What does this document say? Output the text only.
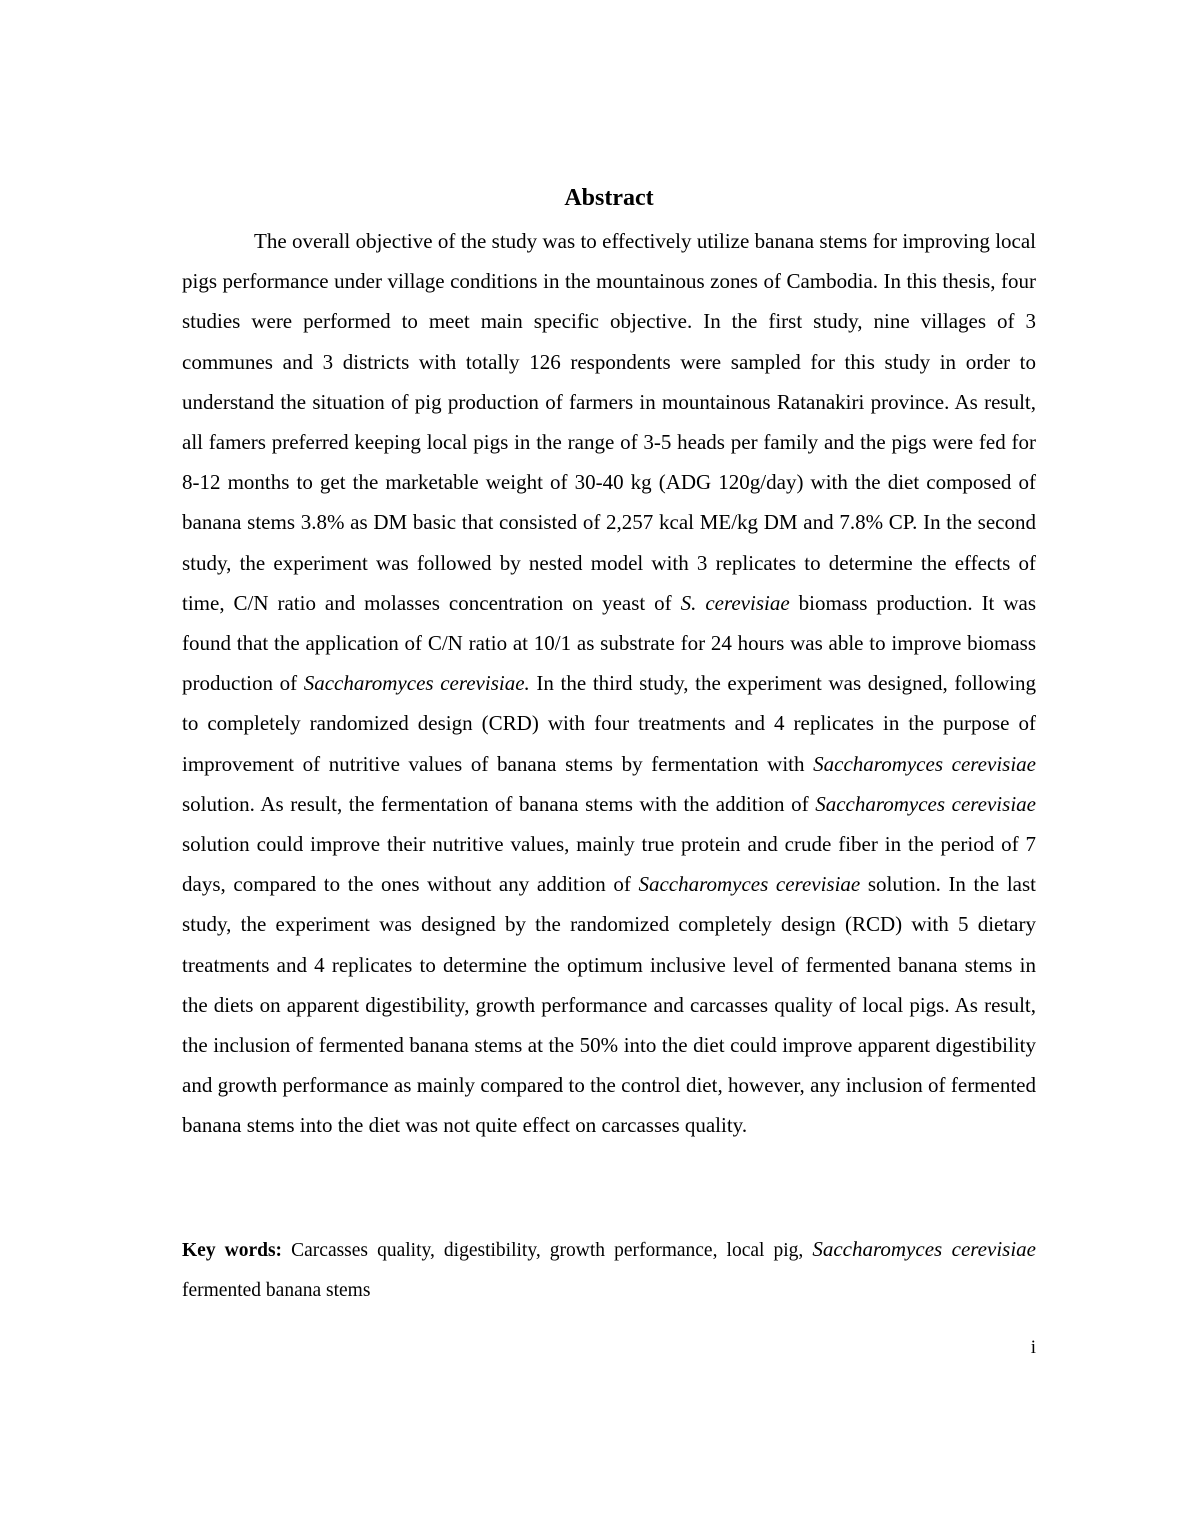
Abstract

The overall objective of the study was to effectively utilize banana stems for improving local pigs performance under village conditions in the mountainous zones of Cambodia. In this thesis, four studies were performed to meet main specific objective. In the first study, nine villages of 3 communes and 3 districts with totally 126 respondents were sampled for this study in order to understand the situation of pig production of farmers in mountainous Ratanakiri province. As result, all famers preferred keeping local pigs in the range of 3-5 heads per family and the pigs were fed for 8-12 months to get the marketable weight of 30-40 kg (ADG 120g/day) with the diet composed of banana stems 3.8% as DM basic that consisted of 2,257 kcal ME/kg DM and 7.8% CP. In the second study, the experiment was followed by nested model with 3 replicates to determine the effects of time, C/N ratio and molasses concentration on yeast of S. cerevisiae biomass production. It was found that the application of C/N ratio at 10/1 as substrate for 24 hours was able to improve biomass production of Saccharomyces cerevisiae. In the third study, the experiment was designed, following to completely randomized design (CRD) with four treatments and 4 replicates in the purpose of improvement of nutritive values of banana stems by fermentation with Saccharomyces cerevisiae solution. As result, the fermentation of banana stems with the addition of Saccharomyces cerevisiae solution could improve their nutritive values, mainly true protein and crude fiber in the period of 7 days, compared to the ones without any addition of Saccharomyces cerevisiae solution. In the last study, the experiment was designed by the randomized completely design (RCD) with 5 dietary treatments and 4 replicates to determine the optimum inclusive level of fermented banana stems in the diets on apparent digestibility, growth performance and carcasses quality of local pigs. As result, the inclusion of fermented banana stems at the 50% into the diet could improve apparent digestibility and growth performance as mainly compared to the control diet, however, any inclusion of fermented banana stems into the diet was not quite effect on carcasses quality.

Key words: Carcasses quality, digestibility, growth performance, local pig, Saccharomyces cerevisiae fermented banana stems

i
